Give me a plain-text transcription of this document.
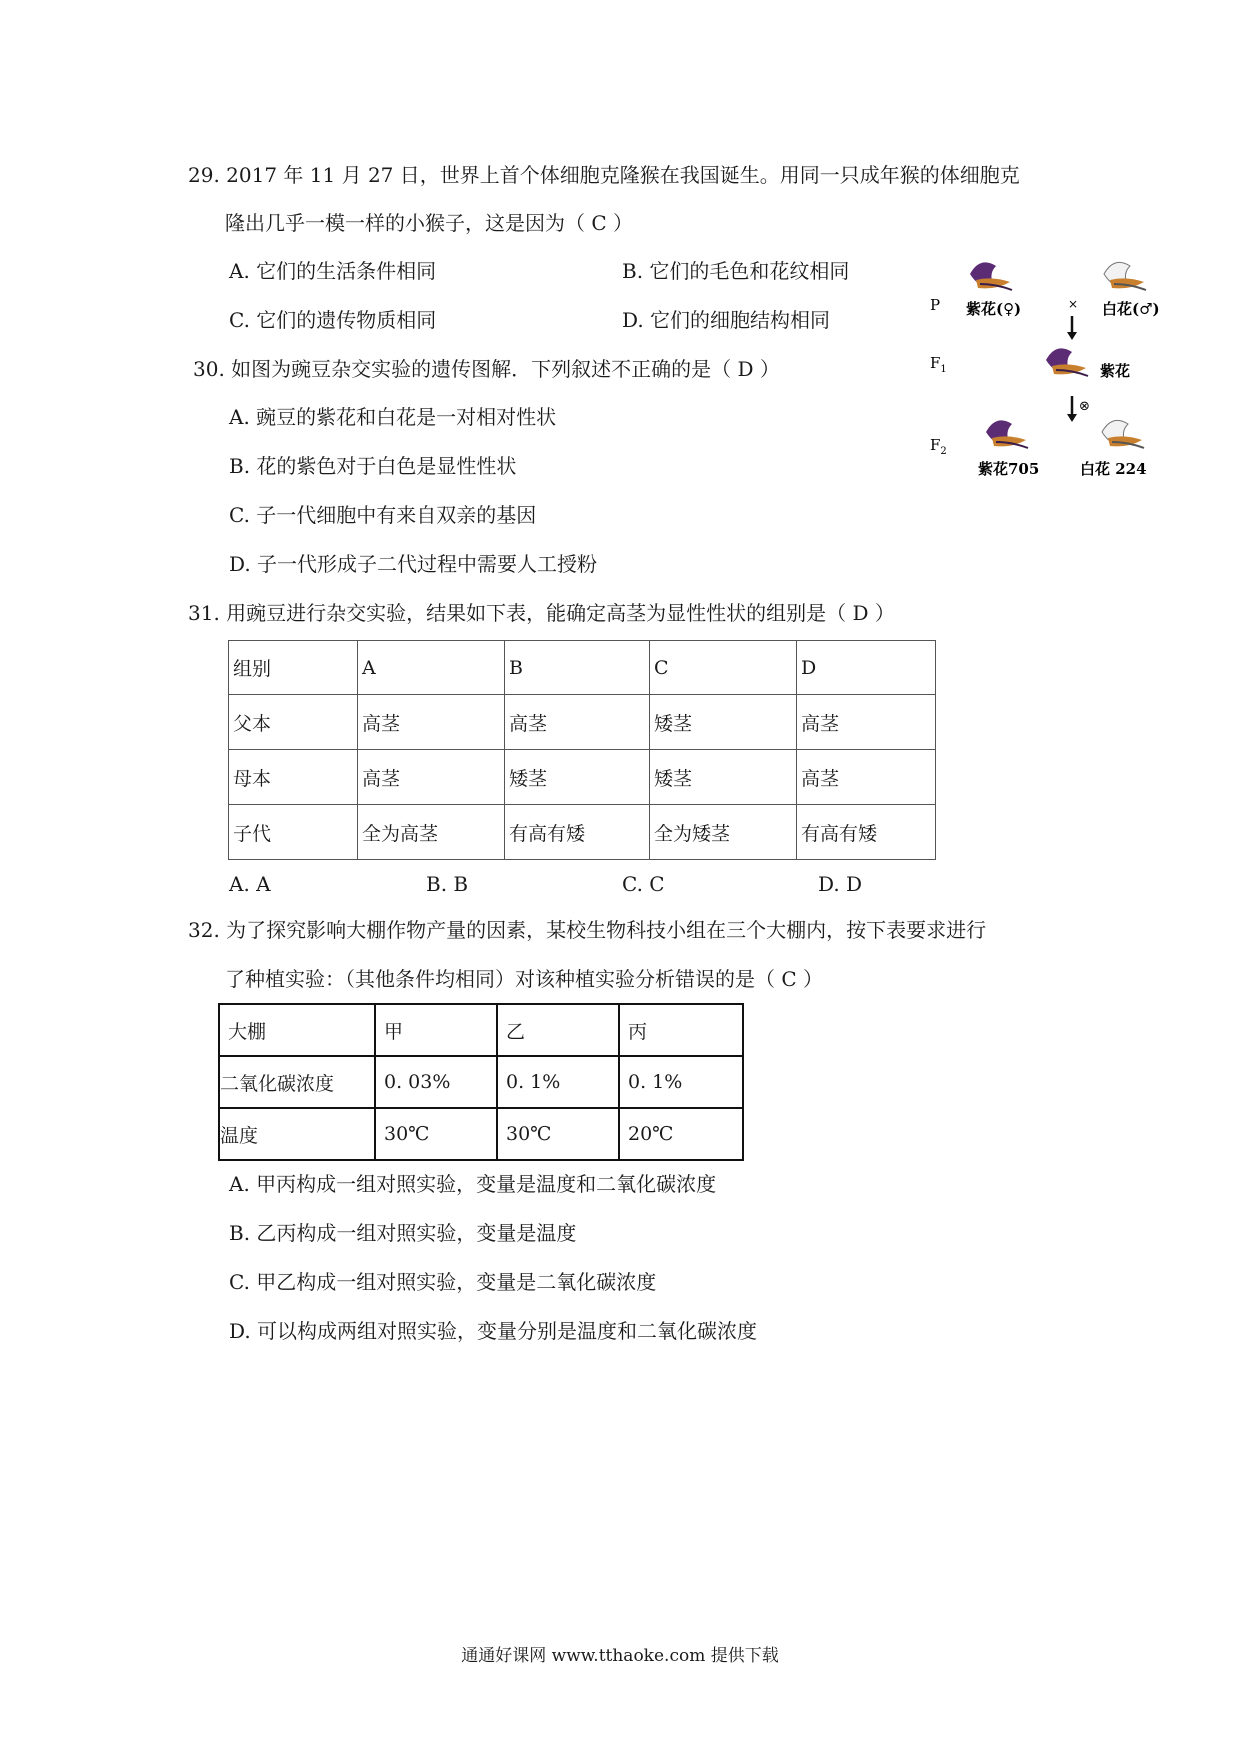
29. 2017 年 11 月 27 日，世界上首个体细胞克隆猴在我国诞生。用同一只成年猴的体细胞克
隆出几乎一模一样的小猴子，这是因为（ C ）
A. 它们的生活条件相同	B. 它们的毛色和花纹相同
C. 它们的遗传物质相同	D. 它们的细胞结构相同
30. 如图为豌豆杂交实验的遗传图解．下列叙述不正确的是（ D ）
A. 豌豆的紫花和白花是一对相对性状
B. 花的紫色对于白色是显性性状
C. 子一代细胞中有来自双亲的基因
D. 子一代形成子二代过程中需要人工授粉
P
$F_1$
$F_2$
紫花(♀)	× 白花(♂)
紫花
⊗
紫花705	白花 224
31. 用豌豆进行杂交实验，结果如下表，能确定高茎为显性性状的组别是（ D ）
组别	A	B	C	D
父本	高茎	高茎	矮茎	高茎
母本	高茎	矮茎	矮茎	高茎
子代	全为高茎	有高有矮	全为矮茎	有高有矮
A. A	B. B	C. C	D. D
32. 为了探究影响大棚作物产量的因素，某校生物科技小组在三个大棚内，按下表要求进行
了种植实验：（其他条件均相同）对该种植实验分析错误的是（ C ）
大棚	甲	乙	丙
二氧化碳浓度	0. 03%	0. 1%	0. 1%
温度	30℃	30℃	20℃
A. 甲丙构成一组对照实验，变量是温度和二氧化碳浓度
B. 乙丙构成一组对照实验，变量是温度
C. 甲乙构成一组对照实验，变量是二氧化碳浓度
D. 可以构成两组对照实验，变量分别是温度和二氧化碳浓度
通通好课网 www.tthaoke.com 提供下载
